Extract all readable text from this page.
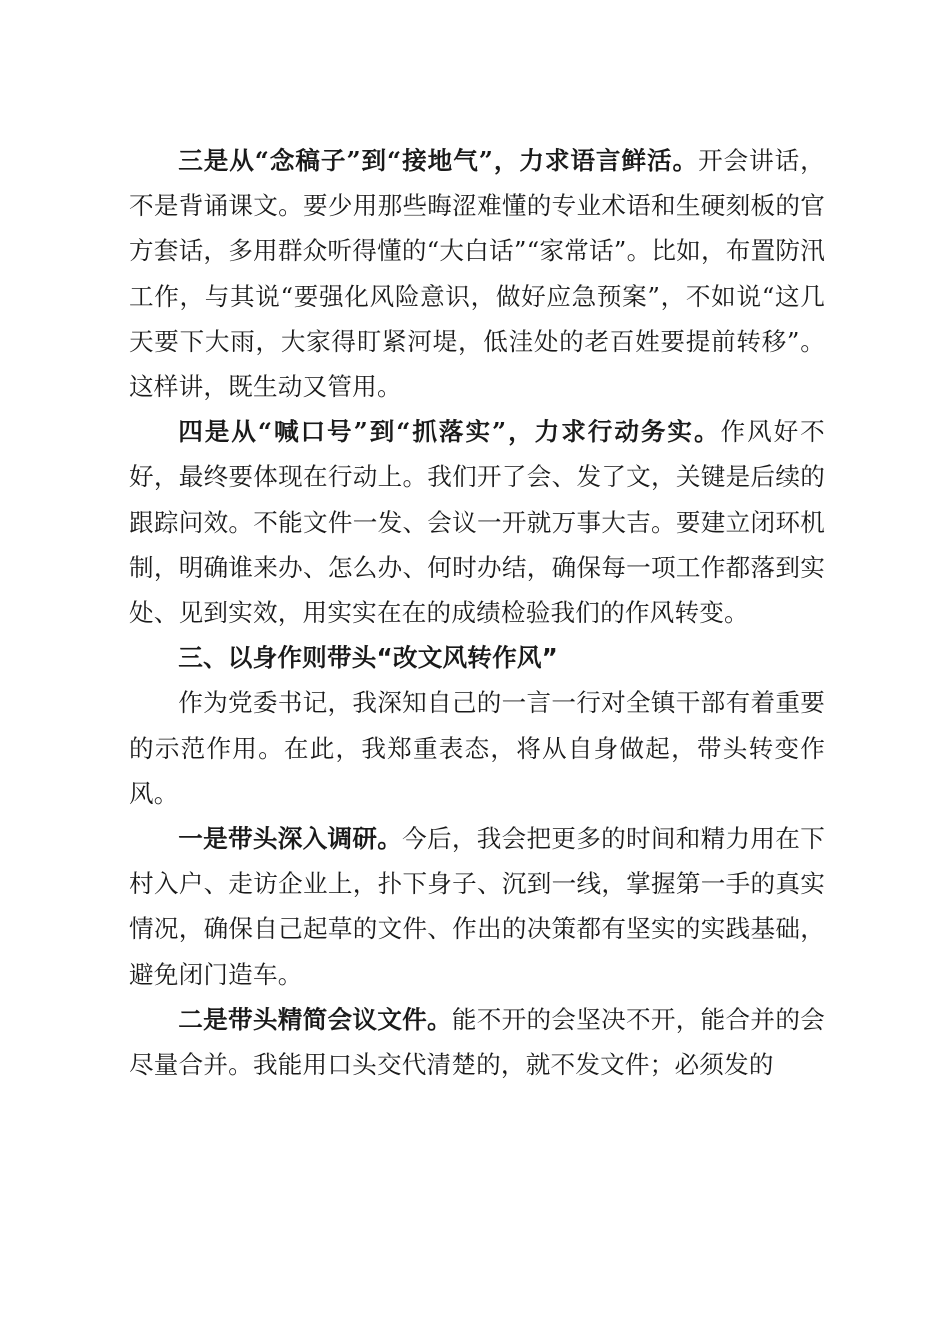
三是从“念稿子”到“接地气”，力求语言鲜活。开会讲话，不是背诵课文。要少用那些晦涩难懂的专业术语和生硬刻板的官方套话，多用群众听得懂的“大白话”“家常话”。比如，布置防汛工作，与其说“要强化风险意识，做好应急预案”，不如说“这几天要下大雨，大家得盯紧河堤，低洼处的老百姓要提前转移”。这样讲，既生动又管用。

四是从“喊口号”到“抓落实”，力求行动务实。作风好不好，最终要体现在行动上。我们开了会、发了文，关键是后续的跟踪问效。不能文件一发、会议一开就万事大吉。要建立闭环机制，明确谁来办、怎么办、何时办结，确保每一项工作都落到实处、见到实效，用实实在在的成绩检验我们的作风转变。

三、以身作则带头“改文风转作风”

作为党委书记，我深知自己的一言一行对全镇干部有着重要的示范作用。在此，我郑重表态，将从自身做起，带头转变作风。

一是带头深入调研。今后，我会把更多的时间和精力用在下村入户、走访企业上，扑下身子、沉到一线，掌握第一手的真实情况，确保自己起草的文件、作出的决策都有坚实的实践基础，避免闭门造车。

二是带头精简会议文件。能不开的会坚决不开，能合并的会尽量合并。我能用口头交代清楚的，就不发文件；必须发的
